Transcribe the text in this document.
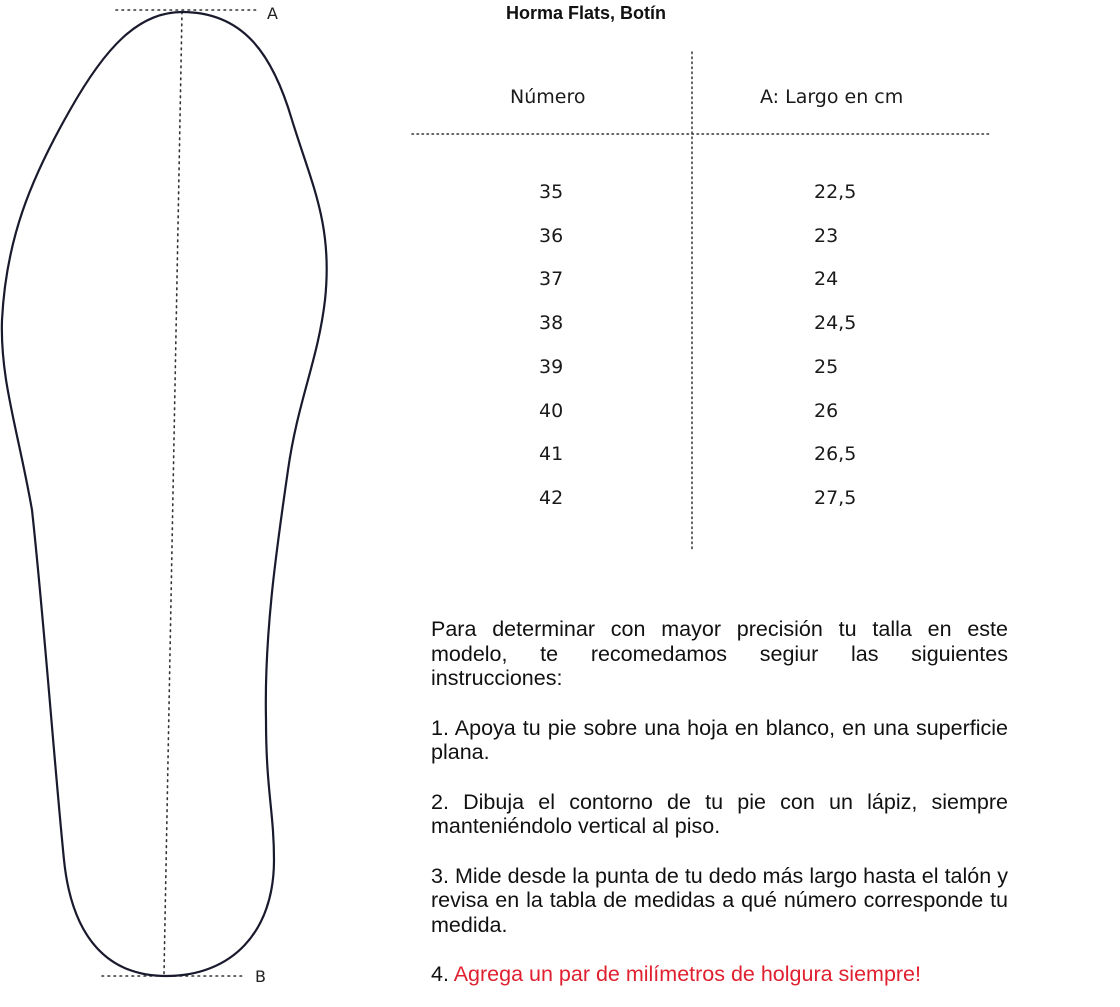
A
B
Horma Flats, Botín
Número	A: Largo en cm
35	22,5
36	23
37	24
38	24,5
39	25
40	26
41	26,5
42	27,5

Para determinar con mayor precisión tu talla en este modelo, te recomedamos segiur las siguientes instrucciones:

1. Apoya tu pie sobre una hoja en blanco, en una superficie plana.

2. Dibuja el contorno de tu pie con un lápiz, siempre manteniéndolo vertical al piso.

3. Mide desde la punta de tu dedo más largo hasta el talón y revisa en la tabla de medidas a qué número corresponde tu medida.

4. Agrega un par de milímetros de holgura siempre!
